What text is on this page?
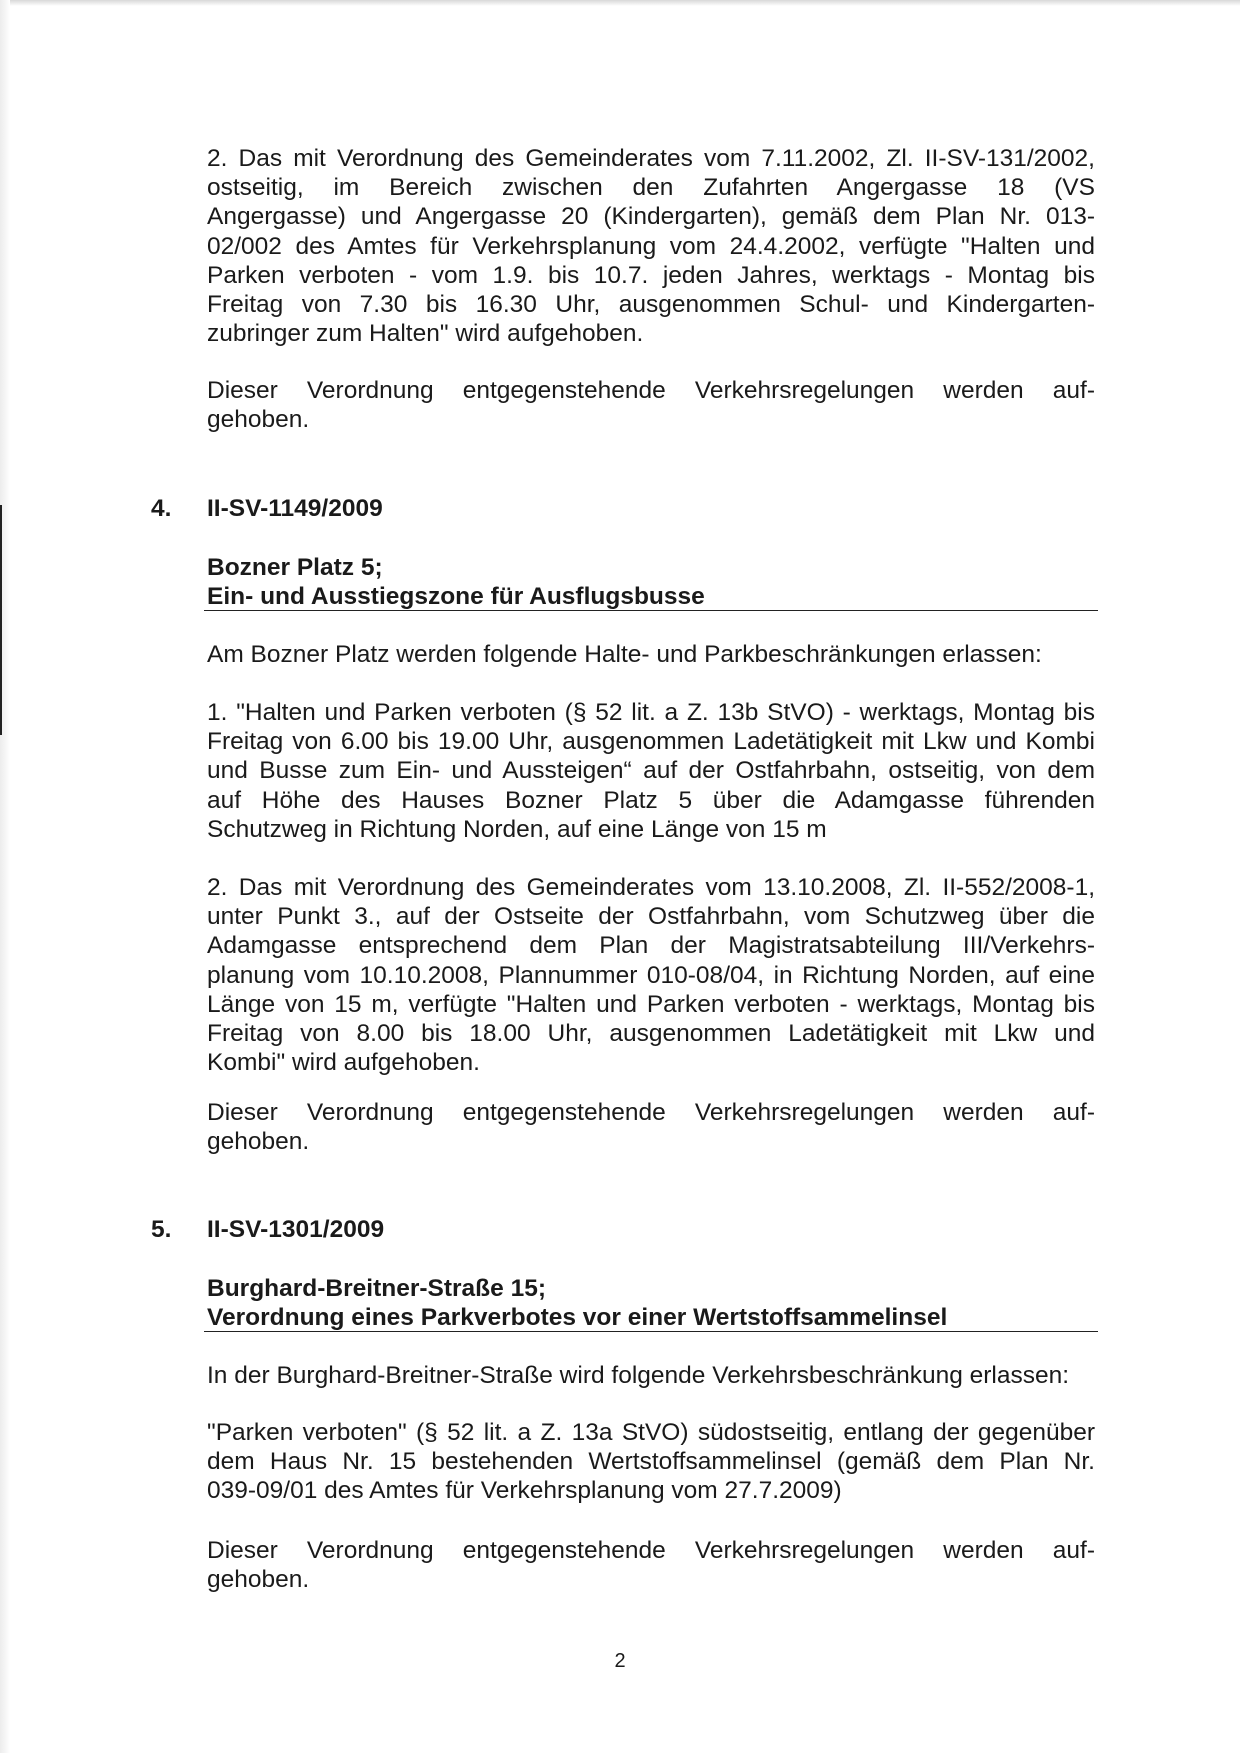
2. Das mit Verordnung des Gemeinderates vom 7.11.2002, Zl. II-SV-131/2002,
ostseitig, im Bereich zwischen den Zufahrten Angergasse 18 (VS
Angergasse) und Angergasse 20 (Kindergarten), gemäß dem Plan Nr. 013-
02/002 des Amtes für Verkehrsplanung vom 24.4.2002, verfügte "Halten und
Parken verboten - vom 1.9. bis 10.7. jeden Jahres, werktags - Montag bis
Freitag von 7.30 bis 16.30 Uhr, ausgenommen Schul- und Kindergarten-
zubringer zum Halten" wird aufgehoben.
Dieser Verordnung entgegenstehende Verkehrsregelungen werden auf-
gehoben.
4. II-SV-1149/2009
Bozner Platz 5;
Ein- und Ausstiegszone für Ausflugsbusse
Am Bozner Platz werden folgende Halte- und Parkbeschränkungen erlassen:
1. "Halten und Parken verboten (§ 52 lit. a Z. 13b StVO) - werktags, Montag bis
Freitag von 6.00 bis 19.00 Uhr, ausgenommen Ladetätigkeit mit Lkw und Kombi
und Busse zum Ein- und Aussteigen“ auf der Ostfahrbahn, ostseitig, von dem
auf Höhe des Hauses Bozner Platz 5 über die Adamgasse führenden
Schutzweg in Richtung Norden, auf eine Länge von 15 m
2. Das mit Verordnung des Gemeinderates vom 13.10.2008, Zl. II-552/2008-1,
unter Punkt 3., auf der Ostseite der Ostfahrbahn, vom Schutzweg über die
Adamgasse entsprechend dem Plan der Magistratsabteilung III/Verkehrs-
planung vom 10.10.2008, Plannummer 010-08/04, in Richtung Norden, auf eine
Länge von 15 m, verfügte "Halten und Parken verboten - werktags, Montag bis
Freitag von 8.00 bis 18.00 Uhr, ausgenommen Ladetätigkeit mit Lkw und
Kombi" wird aufgehoben.
Dieser Verordnung entgegenstehende Verkehrsregelungen werden auf-
gehoben.
5. II-SV-1301/2009
Burghard-Breitner-Straße 15;
Verordnung eines Parkverbotes vor einer Wertstoffsammelinsel
In der Burghard-Breitner-Straße wird folgende Verkehrsbeschränkung erlassen:
"Parken verboten" (§ 52 lit. a Z. 13a StVO) südostseitig, entlang der gegenüber
dem Haus Nr. 15 bestehenden Wertstoffsammelinsel (gemäß dem Plan Nr.
039-09/01 des Amtes für Verkehrsplanung vom 27.7.2009)
Dieser Verordnung entgegenstehende Verkehrsregelungen werden auf-
gehoben.
2
